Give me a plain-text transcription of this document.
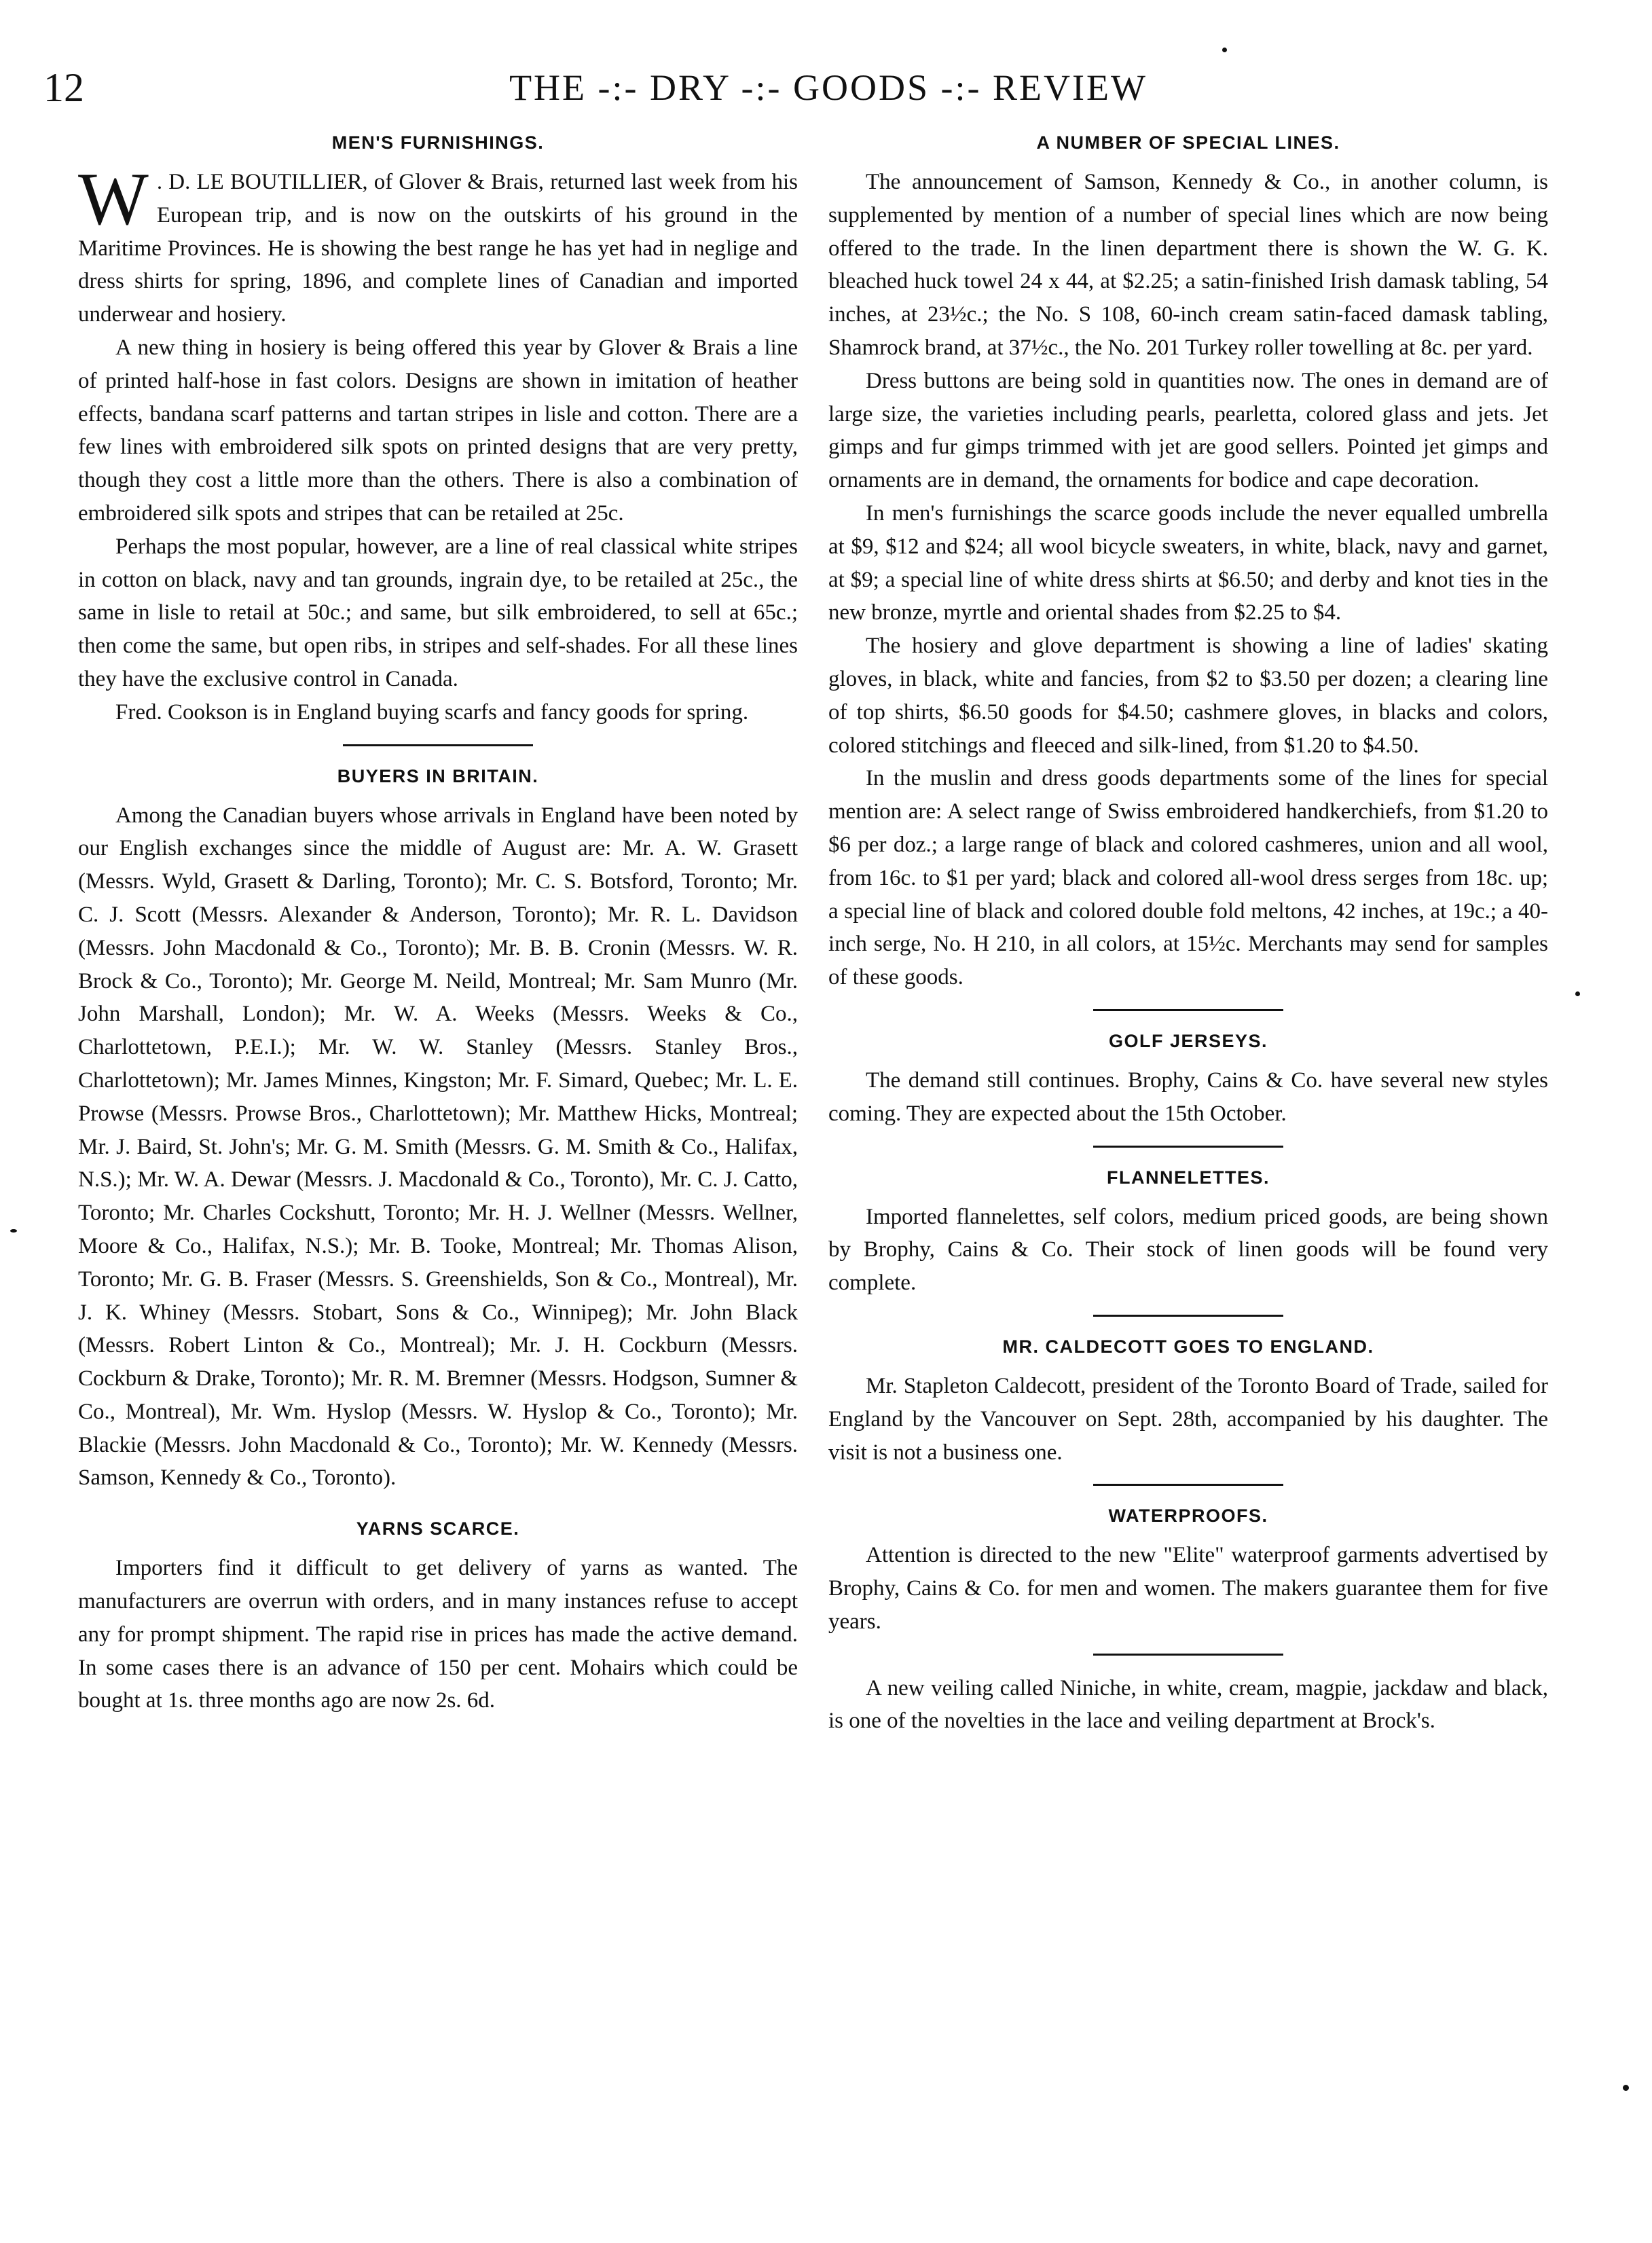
12	THE -:- DRY -:- GOODS -:- REVIEW
MEN'S FURNISHINGS.

W . D. LE BOUTILLIER, of Glover & Brais, returned last week from his European trip, and is now on the outskirts of his ground in the Maritime Provinces. He is showing the best range he has yet had in neglige and dress shirts for spring, 1896, and complete lines of Canadian and imported underwear and hosiery.

A new thing in hosiery is being offered this year by Glover & Brais a line of printed half-hose in fast colors. Designs are shown in imitation of heather effects, bandana scarf patterns and tartan stripes in lisle and cotton. There are a few lines with embroidered silk spots on printed designs that are very pretty, though they cost a little more than the others. There is also a combination of embroidered silk spots and stripes that can be retailed at 25c.

Perhaps the most popular, however, are a line of real classical white stripes in cotton on black, navy and tan grounds, ingrain dye, to be retailed at 25c., the same in lisle to retail at 50c.; and same, but silk embroidered, to sell at 65c.; then come the same, but open ribs, in stripes and self-shades. For all these lines they have the exclusive control in Canada.

Fred. Cookson is in England buying scarfs and fancy goods for spring.

BUYERS IN BRITAIN.

Among the Canadian buyers whose arrivals in England have been noted by our English exchanges since the middle of August are: Mr. A. W. Grasett (Messrs. Wyld, Grasett & Darling, Toronto); Mr. C. S. Botsford, Toronto; Mr. C. J. Scott (Messrs. Alexander & Anderson, Toronto); Mr. R. L. Davidson (Messrs. John Macdonald & Co., Toronto); Mr. B. B. Cronin (Messrs. W. R. Brock & Co., Toronto); Mr. George M. Neild, Montreal; Mr. Sam Munro (Mr. John Marshall, London); Mr. W. A. Weeks (Messrs. Weeks & Co., Charlottetown, P.E.I.); Mr. W. W. Stanley (Messrs. Stanley Bros., Charlottetown); Mr. James Minnes, Kingston; Mr. F. Simard, Quebec; Mr. L. E. Prowse (Messrs. Prowse Bros., Charlottetown); Mr. Matthew Hicks, Montreal; Mr. J. Baird, St. John's; Mr. G. M. Smith (Messrs. G. M. Smith & Co., Halifax, N.S.); Mr. W. A. Dewar (Messrs. J. Macdonald & Co., Toronto), Mr. C. J. Catto, Toronto; Mr. Charles Cockshutt, Toronto; Mr. H. J. Wellner (Messrs. Wellner, Moore & Co., Halifax, N.S.); Mr. B. Tooke, Montreal; Mr. Thomas Alison, Toronto; Mr. G. B. Fraser (Messrs. S. Greenshields, Son & Co., Montreal), Mr. J. K. Whiney (Messrs. Stobart, Sons & Co., Winnipeg); Mr. John Black (Messrs. Robert Linton & Co., Montreal); Mr. J. H. Cockburn (Messrs. Cockburn & Drake, Toronto); Mr. R. M. Bremner (Messrs. Hodgson, Sumner & Co., Montreal), Mr. Wm. Hyslop (Messrs. W. Hyslop & Co., Toronto); Mr. Blackie (Messrs. John Macdonald & Co., Toronto); Mr. W. Kennedy (Messrs. Samson, Kennedy & Co., Toronto).

YARNS SCARCE.

Importers find it difficult to get delivery of yarns as wanted. The manufacturers are overrun with orders, and in many instances refuse to accept any for prompt shipment. The rapid rise in prices has made the active demand. In some cases there is an advance of 150 per cent. Mohairs which could be bought at 1s. three months ago are now 2s. 6d.

A NUMBER OF SPECIAL LINES.

The announcement of Samson, Kennedy & Co., in another column, is supplemented by mention of a number of special lines which are now being offered to the trade. In the linen department there is shown the W. G. K. bleached huck towel 24 x 44, at $2.25; a satin-finished Irish damask tabling, 54 inches, at 23½c.; the No. S 108, 60-inch cream satin-faced damask tabling, Shamrock brand, at 37½c., the No. 201 Turkey roller towelling at 8c. per yard.

Dress buttons are being sold in quantities now. The ones in demand are of large size, the varieties including pearls, pearletta, colored glass and jets. Jet gimps and fur gimps trimmed with jet are good sellers. Pointed jet gimps and ornaments are in demand, the ornaments for bodice and cape decoration.

In men's furnishings the scarce goods include the never equalled umbrella at $9, $12 and $24; all wool bicycle sweaters, in white, black, navy and garnet, at $9; a special line of white dress shirts at $6.50; and derby and knot ties in the new bronze, myrtle and oriental shades from $2.25 to $4.

The hosiery and glove department is showing a line of ladies' skating gloves, in black, white and fancies, from $2 to $3.50 per dozen; a clearing line of top shirts, $6.50 goods for $4.50; cashmere gloves, in blacks and colors, colored stitchings and fleeced and silk-lined, from $1.20 to $4.50.

In the muslin and dress goods departments some of the lines for special mention are: A select range of Swiss embroidered handkerchiefs, from $1.20 to $6 per doz.; a large range of black and colored cashmeres, union and all wool, from 16c. to $1 per yard; black and colored all-wool dress serges from 18c. up; a special line of black and colored double fold meltons, 42 inches, at 19c.; a 40-inch serge, No. H 210, in all colors, at 15½c. Merchants may send for samples of these goods.

GOLF JERSEYS.

The demand still continues. Brophy, Cains & Co. have several new styles coming. They are expected about the 15th October.

FLANNELETTES.

Imported flannelettes, self colors, medium priced goods, are being shown by Brophy, Cains & Co. Their stock of linen goods will be found very complete.

MR. CALDECOTT GOES TO ENGLAND.

Mr. Stapleton Caldecott, president of the Toronto Board of Trade, sailed for England by the Vancouver on Sept. 28th, accompanied by his daughter. The visit is not a business one.

WATERPROOFS.

Attention is directed to the new "Elite" waterproof garments advertised by Brophy, Cains & Co. for men and women. The makers guarantee them for five years.

A new veiling called Niniche, in white, cream, magpie, jackdaw and black, is one of the novelties in the lace and veiling department at Brock's.
